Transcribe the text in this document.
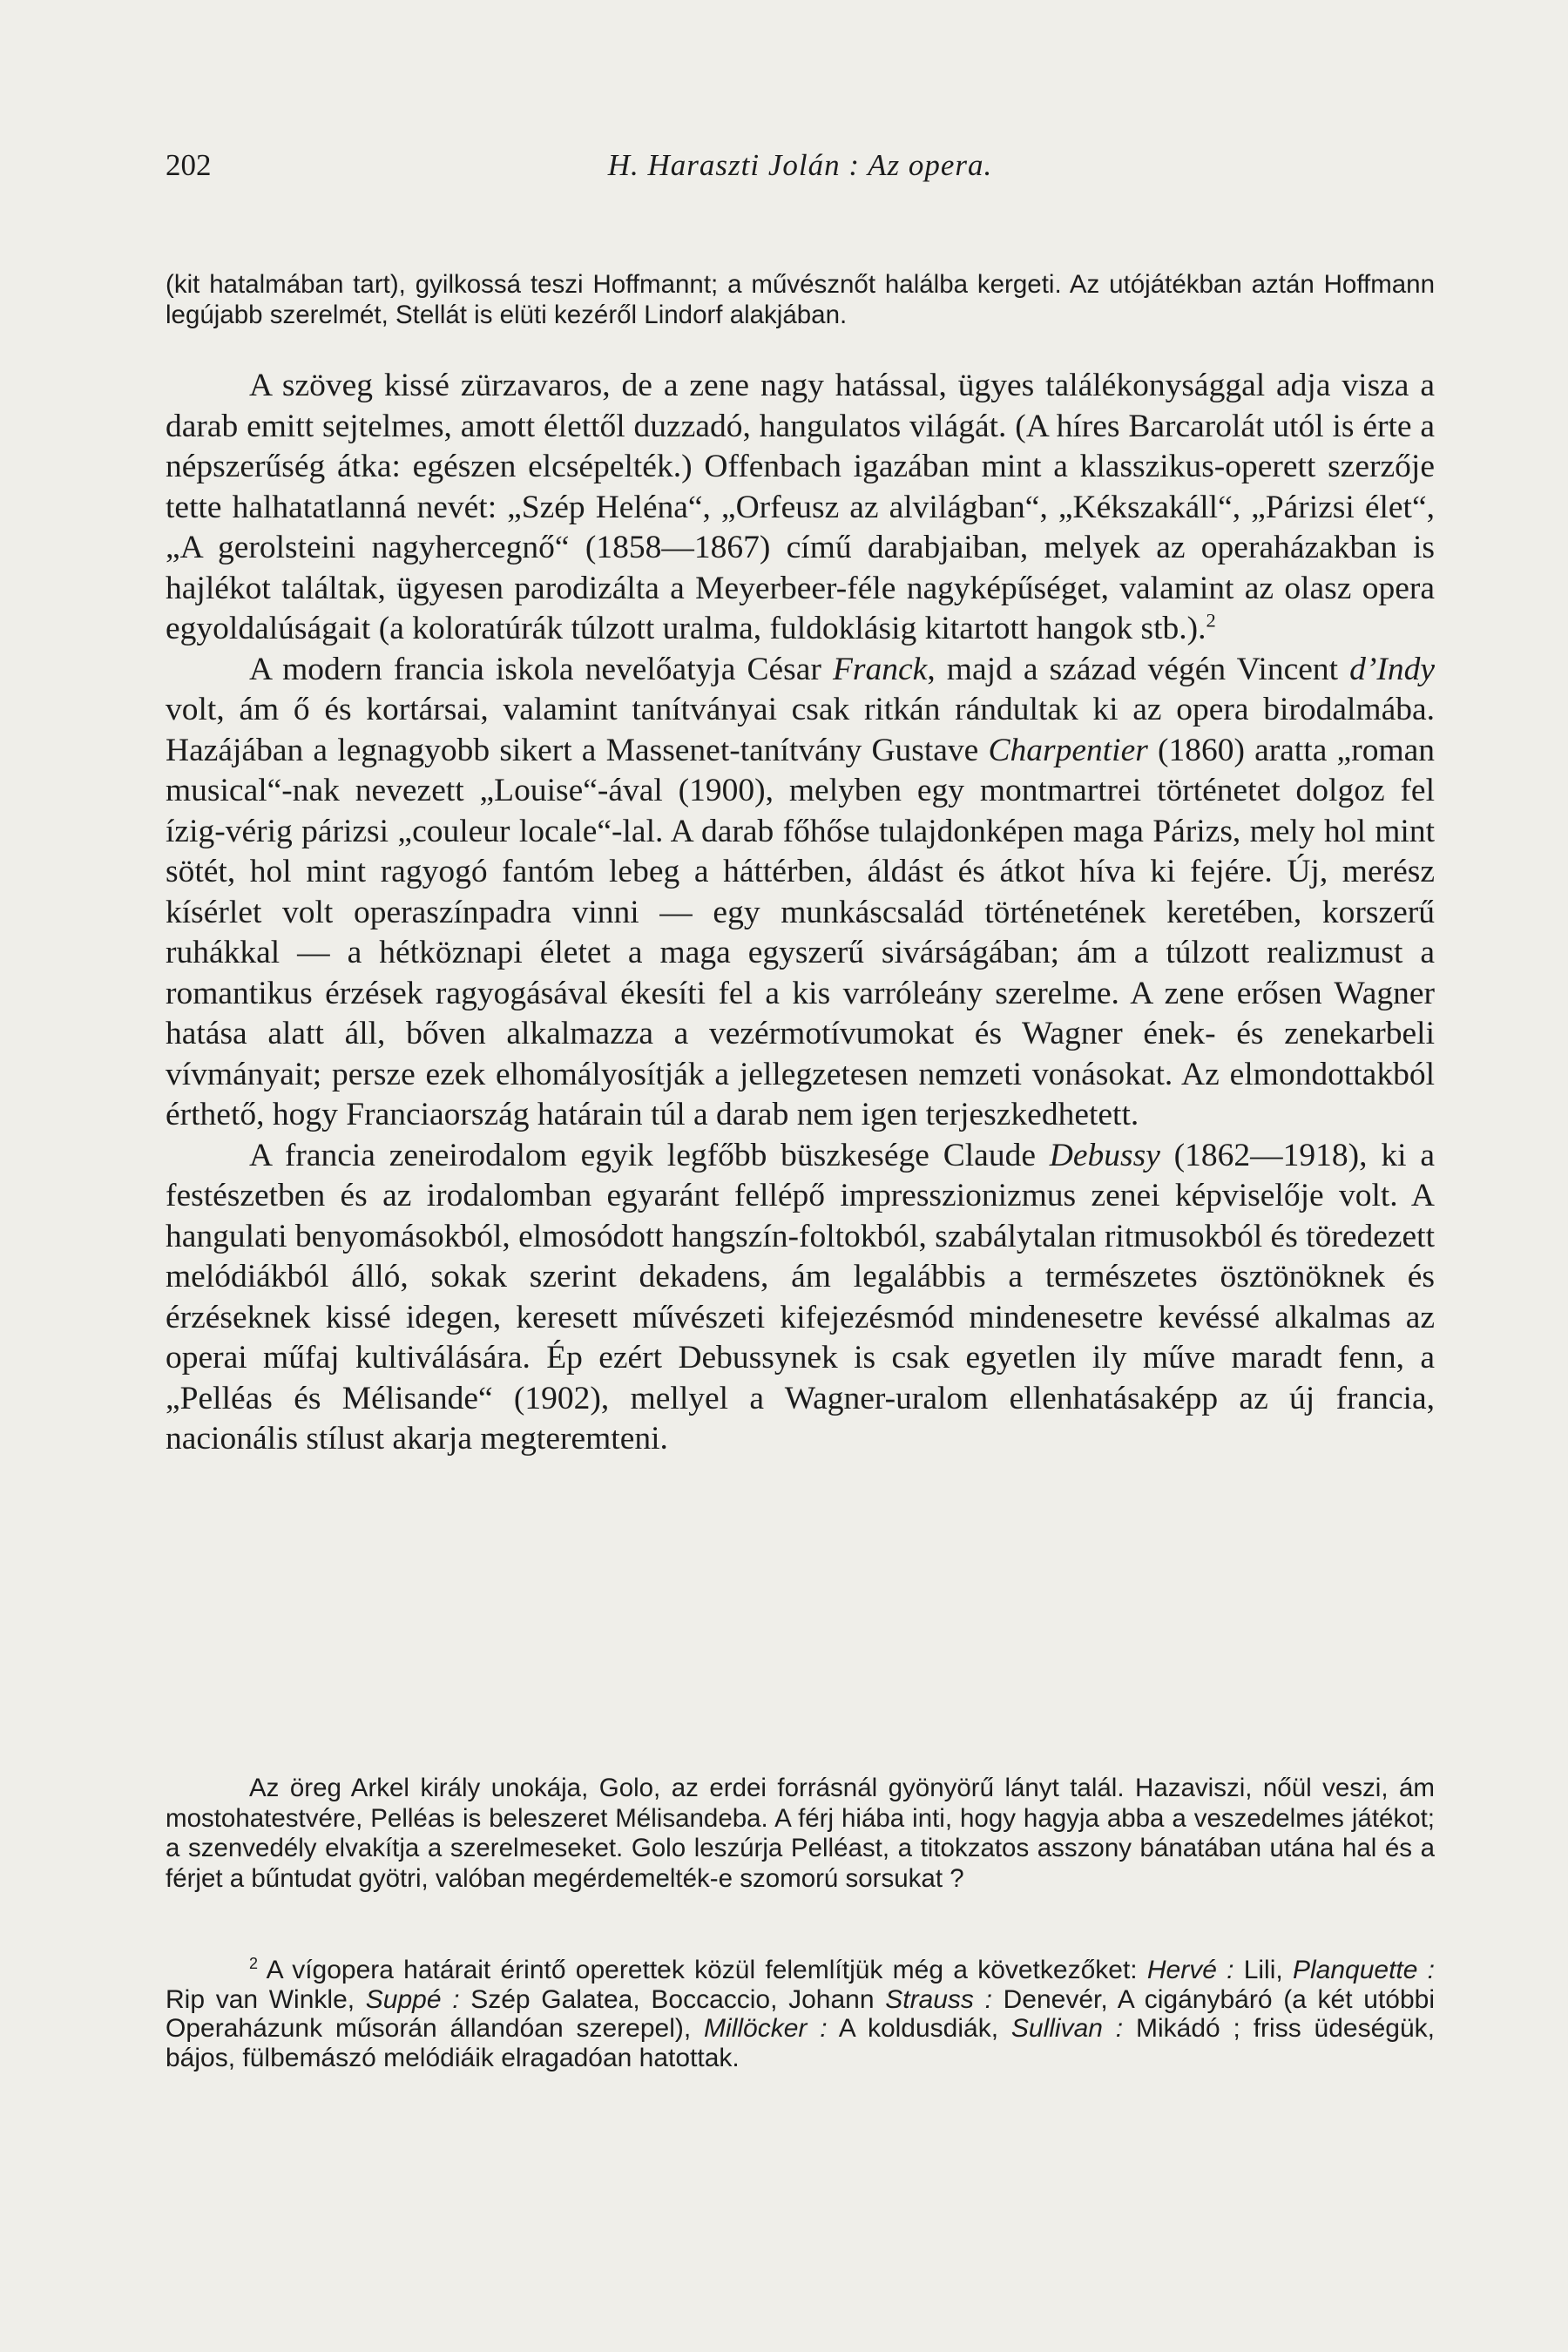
202	H. Haraszti Jolán : Az opera.
(kit hatalmában tart), gyilkossá teszi Hoffmannt; a művésznőt halálba kergeti. Az utójátékban aztán Hoffmann legújabb szerelmét, Stellát is elüti kezéről Lindorf alakjában.

A szöveg kissé zürzavaros, de a zene nagy hatással, ügyes találékonysággal adja visza a darab emitt sejtelmes, amott élettől duzzadó, hangulatos világát. (A híres Barcarolát utól is érte a népszerűség átka: egészen elcsépelték.) Offenbach igazában mint a klasszikus-operett szerzője tette halhatatlanná nevét: „Szép Heléna“, „Orfeusz az alvilágban“, „Kékszakáll“, „Párizsi élet“, „A gerolsteini nagyhercegnő“ (1858—1867) című darabjaiban, melyek az operaházakban is hajlékot találtak, ügyesen parodizálta a Meyerbeer-féle nagyképűséget, valamint az olasz opera egyoldalúságait (a koloratúrák túlzott uralma, fuldoklásig kitartott hangok stb.).$^2$

A modern francia iskola nevelőatyja César Franck, majd a század végén Vincent d’Indy volt, ám ő és kortársai, valamint tanítványai csak ritkán rándultak ki az opera birodalmába. Hazájában a legnagyobb sikert a Massenet-tanítvány Gustave Charpentier (1860) aratta „roman musical“-nak nevezett „Louise“-ával (1900), melyben egy montmartrei történetet dolgoz fel ízig-vérig párizsi „couleur locale“-lal. A darab főhőse tulajdonképen maga Párizs, mely hol mint sötét, hol mint ragyogó fantóm lebeg a háttérben, áldást és átkot híva ki fejére. Új, merész kísérlet volt operaszínpadra vinni — egy munkáscsalád történetének keretében, korszerű ruhákkal — a hétköznapi életet a maga egyszerű sivárságában; ám a túlzott realizmust a romantikus érzések ragyogásával ékesíti fel a kis varróleány szerelme. A zene erősen Wagner hatása alatt áll, bőven alkalmazza a vezérmotívumokat és Wagner ének- és zenekarbeli vívmányait; persze ezek elhomályosítják a jellegzetesen nemzeti vonásokat. Az elmondottakból érthető, hogy Franciaország határain túl a darab nem igen terjeszkedhetett.

A francia zeneirodalom egyik legfőbb büszkesége Claude Debussy (1862—1918), ki a festészetben és az irodalomban egyaránt fellépő impresszionizmus zenei képviselője volt. A hangulati benyomásokból, elmosódott hangszín-foltokból, szabálytalan ritmusokból és töredezett melódiákból álló, sokak szerint dekadens, ám legalábbis a természetes ösztönöknek és érzéseknek kissé idegen, keresett művészeti kifejezésmód mindenesetre kevéssé alkalmas az operai műfaj kultiválására. Ép ezért Debussynek is csak egyetlen ily műve maradt fenn, a „Pelléas és Mélisande“ (1902), mellyel a Wagner-uralom ellenhatásaképp az új francia, nacionális stílust akarja megteremteni.

Az öreg Arkel király unokája, Golo, az erdei forrásnál gyönyörű lányt talál. Hazaviszi, nőül veszi, ám mostohatestvére, Pelléas is beleszeret Mélisandeba. A férj hiába inti, hogy hagyja abba a veszedelmes játékot; a szenvedély elvakítja a szerelmeseket. Golo leszúrja Pelléast, a titokzatos asszony bánatában utána hal és a férjet a bűntudat gyötri, valóban megérdemelték-e szomorú sorsukat ?
$^2$ A vígopera határait érintő operettek közül felemlítjük még a következőket: Hervé : Lili, Planquette : Rip van Winkle, Suppé : Szép Galatea, Boccaccio, Johann Strauss : Denevér, A cigánybáró (a két utóbbi Operaházunk műsorán állandóan szerepel), Millöcker : A koldusdiák, Sullivan : Mikádó ; friss üdeségük, bájos, fülbemászó melódiáik elragadóan hatottak.
